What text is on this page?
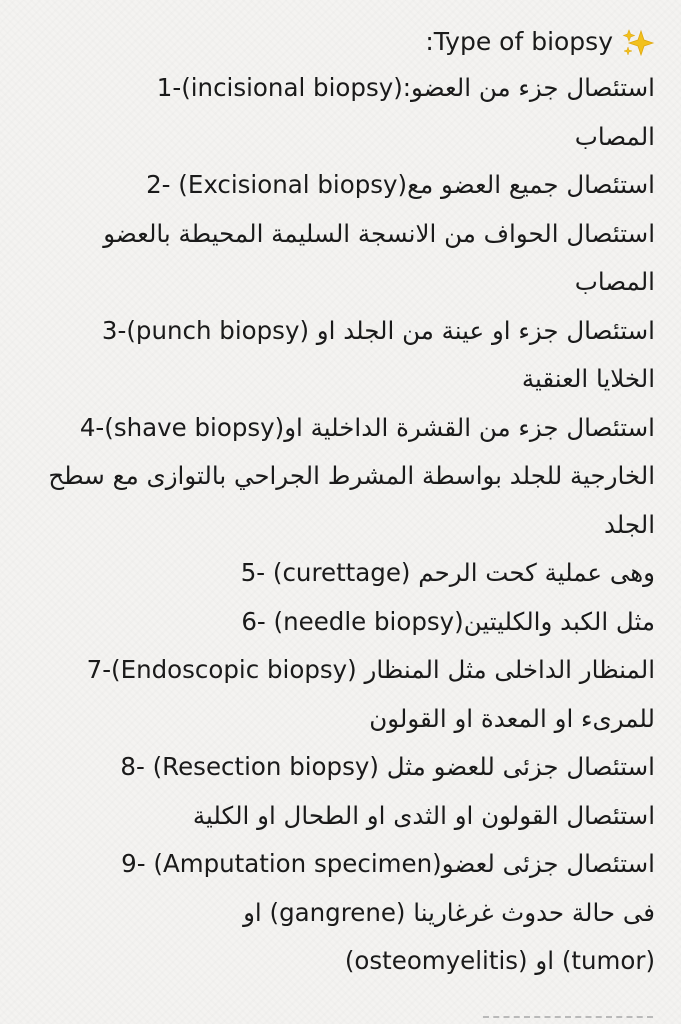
:Type of biopsy
1-(incisional biopsy):استئصال جزء من العضو
المصاب
2- (Excisional biopsy)استئصال جميع العضو مع
استئصال الحواف من الانسجة السليمة المحيطة بالعضو
المصاب
3-(punch biopsy) استئصال جزء او عينة من الجلد او
الخلايا العنقية
4-(shave biopsy)استئصال جزء من القشرة الداخلية او
الخارجية للجلد بواسطة المشرط الجراحي بالتوازى مع سطح
الجلد
5- (curettage) وهى عملية كحت الرحم
6- (needle biopsy)مثل الكبد والكليتين
7-(Endoscopic biopsy) المنظار الداخلى مثل المنظار
للمرىء او المعدة او القولون
8- (Resection biopsy) استئصال جزئى للعضو مثل
استئصال القولون او الثدى او الطحال او الكلية
9- (Amputation specimen)استئصال جزئى لعضو
فى حالة حدوث غرغارينا (gangrene) او
(osteomyelitis) او (tumor)
